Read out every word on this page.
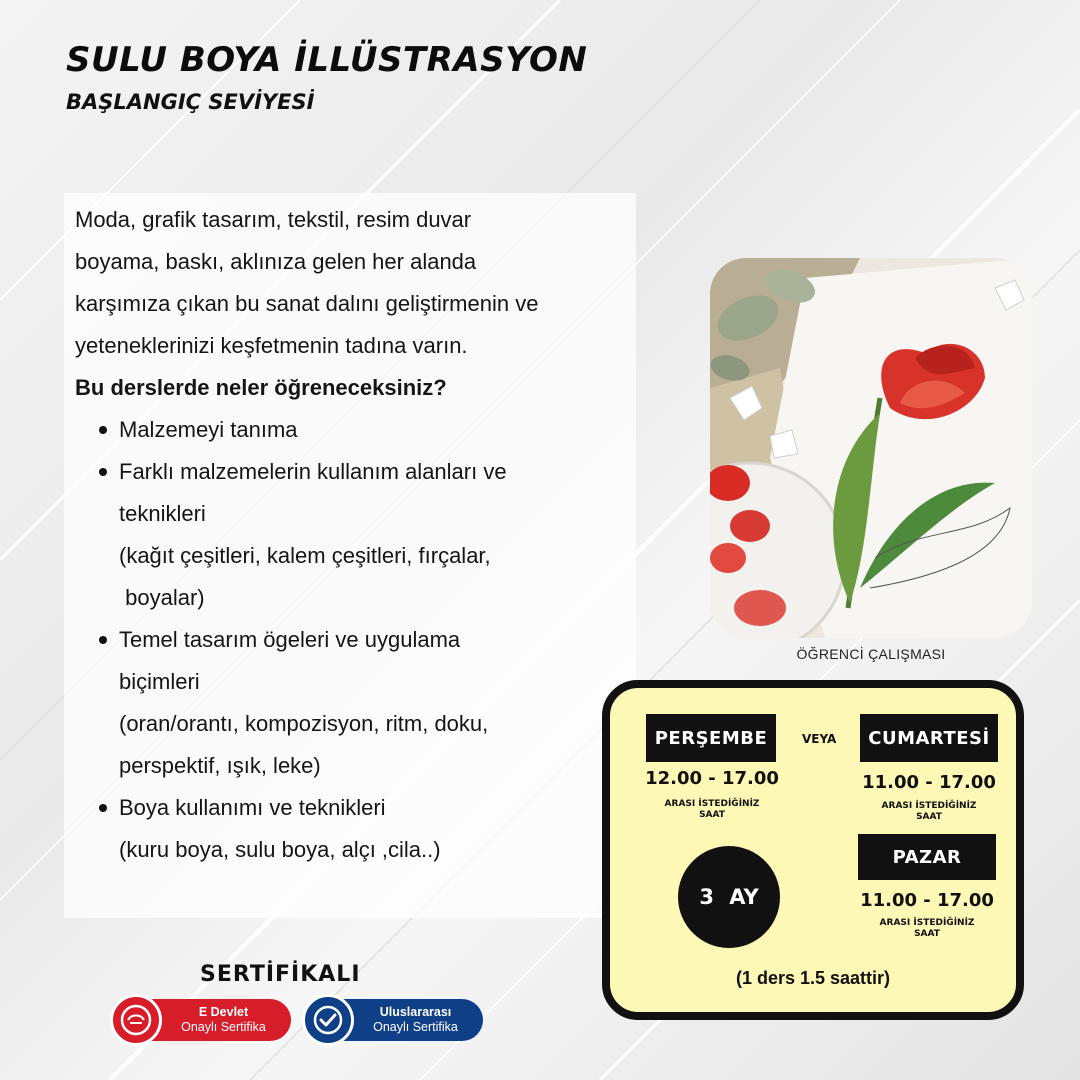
SULU BOYA İLLÜSTRASYON
BAŞLANGIÇ SEVİYESİ

Moda, grafik tasarım, tekstil, resim duvar
boyama, baskı, aklınıza gelen her alanda
karşımıza çıkan bu sanat dalını geliştirmenin ve
yeteneklerinizi keşfetmenin tadına varın.

Bu derslerde neler öğreneceksiniz?

Malzemeyi tanıma
Farklı malzemelerin kullanım alanları ve
teknikleri
(kağıt çeşitleri, kalem çeşitleri, fırçalar,
boyalar)
Temel tasarım ögeleri ve uygulama
biçimleri
(oran/orantı, kompozisyon, ritm, doku,
perspektif, ışık, leke)
Boya kullanımı ve teknikleri
(kuru boya, sulu boya, alçı ,cila..)
ÖĞRENCİ ÇALIŞMASI
PERŞEMBE	VEYA	CUMARTESİ
12.00 - 17.00
ARASI İSTEDİĞİNİZ
SAAT
11.00 - 17.00
ARASI İSTEDİĞİNİZ
SAAT
PAZAR
11.00 - 17.00
ARASI İSTEDİĞİNİZ
SAAT
3 AY
(1 ders 1.5 saattir)
SERTİFİKALI
E Devlet
Onaylı Sertifika
Uluslararası
Onaylı Sertifika
